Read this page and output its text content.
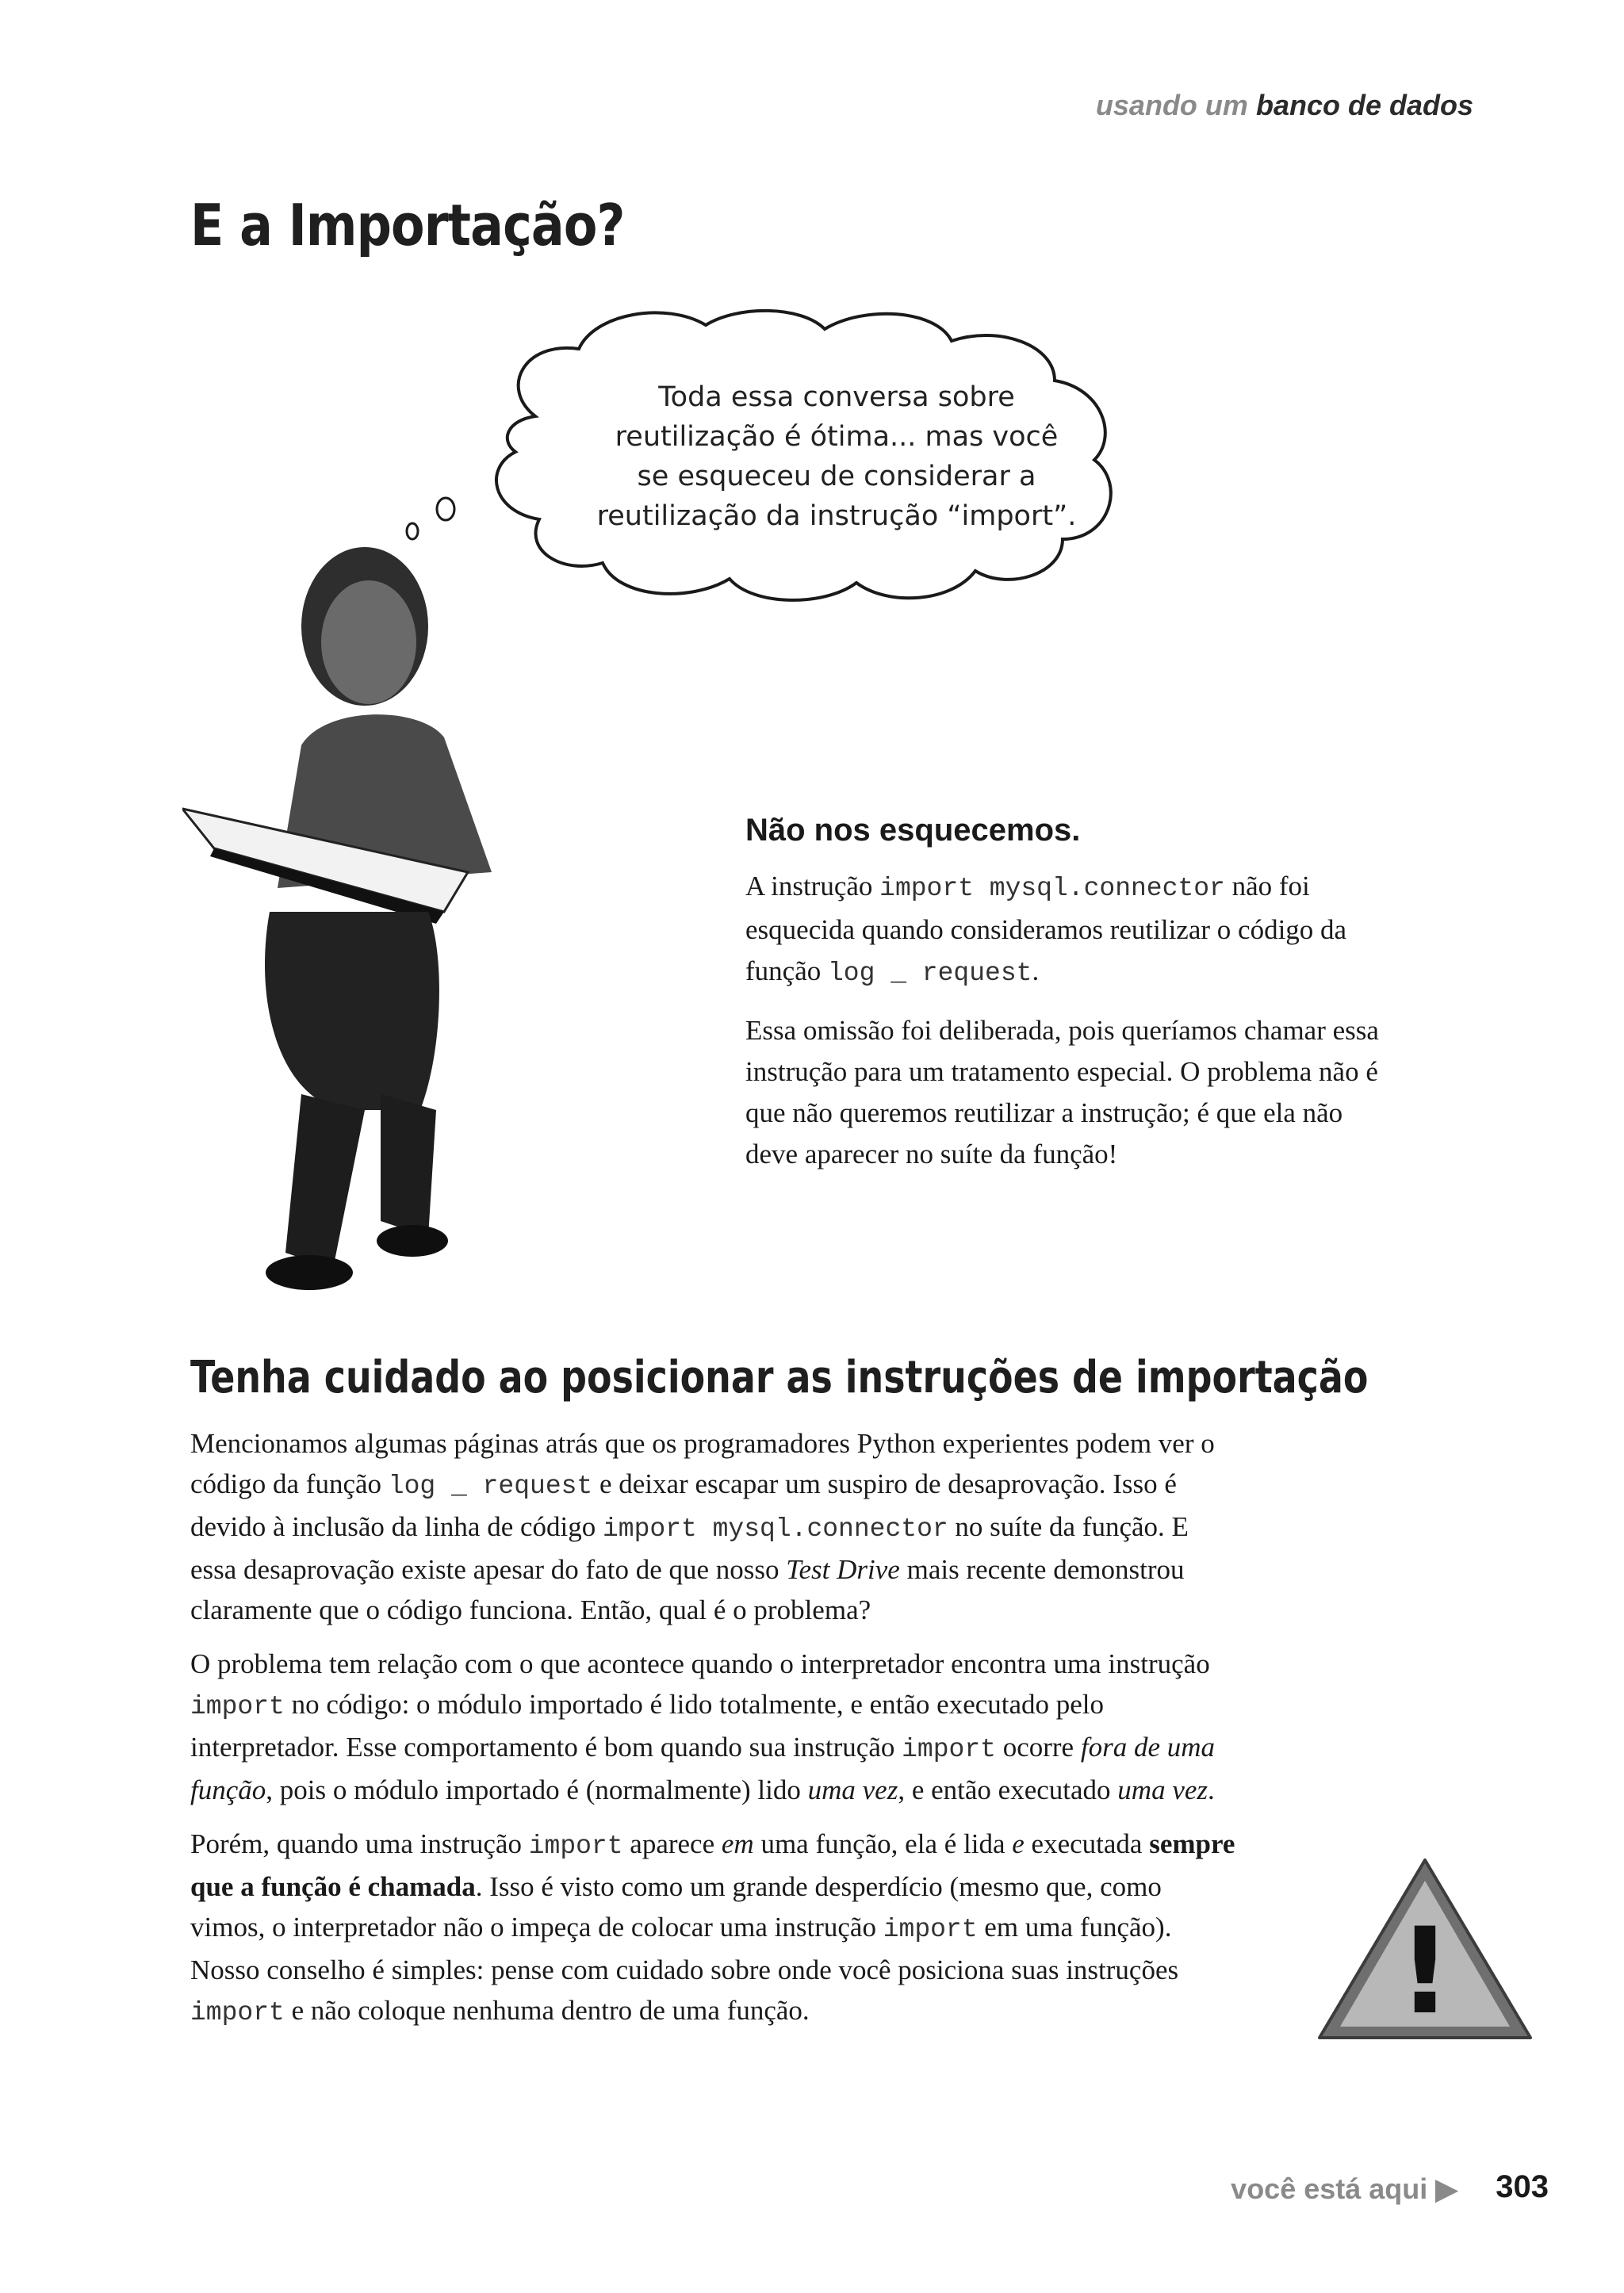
usando um banco de dados
E a Importação?
Toda essa conversa sobre
reutilização é ótima... mas você
se esqueceu de considerar a
reutilização da instrução “import”.
Não nos esquecemos.

A instrução import mysql.connector não foi esquecida quando consideramos reutilizar o código da função log _ request.

Essa omissão foi deliberada, pois queríamos chamar essa instrução para um tratamento especial. O problema não é que não queremos reutilizar a instrução; é que ela não deve aparecer no suíte da função!

Tenha cuidado ao posicionar as instruções de importação

Mencionamos algumas páginas atrás que os programadores Python experientes podem ver o código da função log _ request e deixar escapar um suspiro de desaprovação. Isso é devido à inclusão da linha de código import mysql.connector no suíte da função. E essa desaprovação existe apesar do fato de que nosso Test Drive mais recente demonstrou claramente que o código funciona. Então, qual é o problema?

O problema tem relação com o que acontece quando o interpretador encontra uma instrução import no código: o módulo importado é lido totalmente, e então executado pelo interpretador. Esse comportamento é bom quando sua instrução import ocorre fora de uma função, pois o módulo importado é (normalmente) lido uma vez, e então executado uma vez.

Porém, quando uma instrução import aparece em uma função, ela é lida e executada sempre que a função é chamada. Isso é visto como um grande desperdício (mesmo que, como vimos, o interpretador não o impeça de colocar uma instrução import em uma função). Nosso conselho é simples: pense com cuidado sobre onde você posiciona suas instruções import e não coloque nenhuma dentro de uma função.	!
você está aqui ▶ 303
